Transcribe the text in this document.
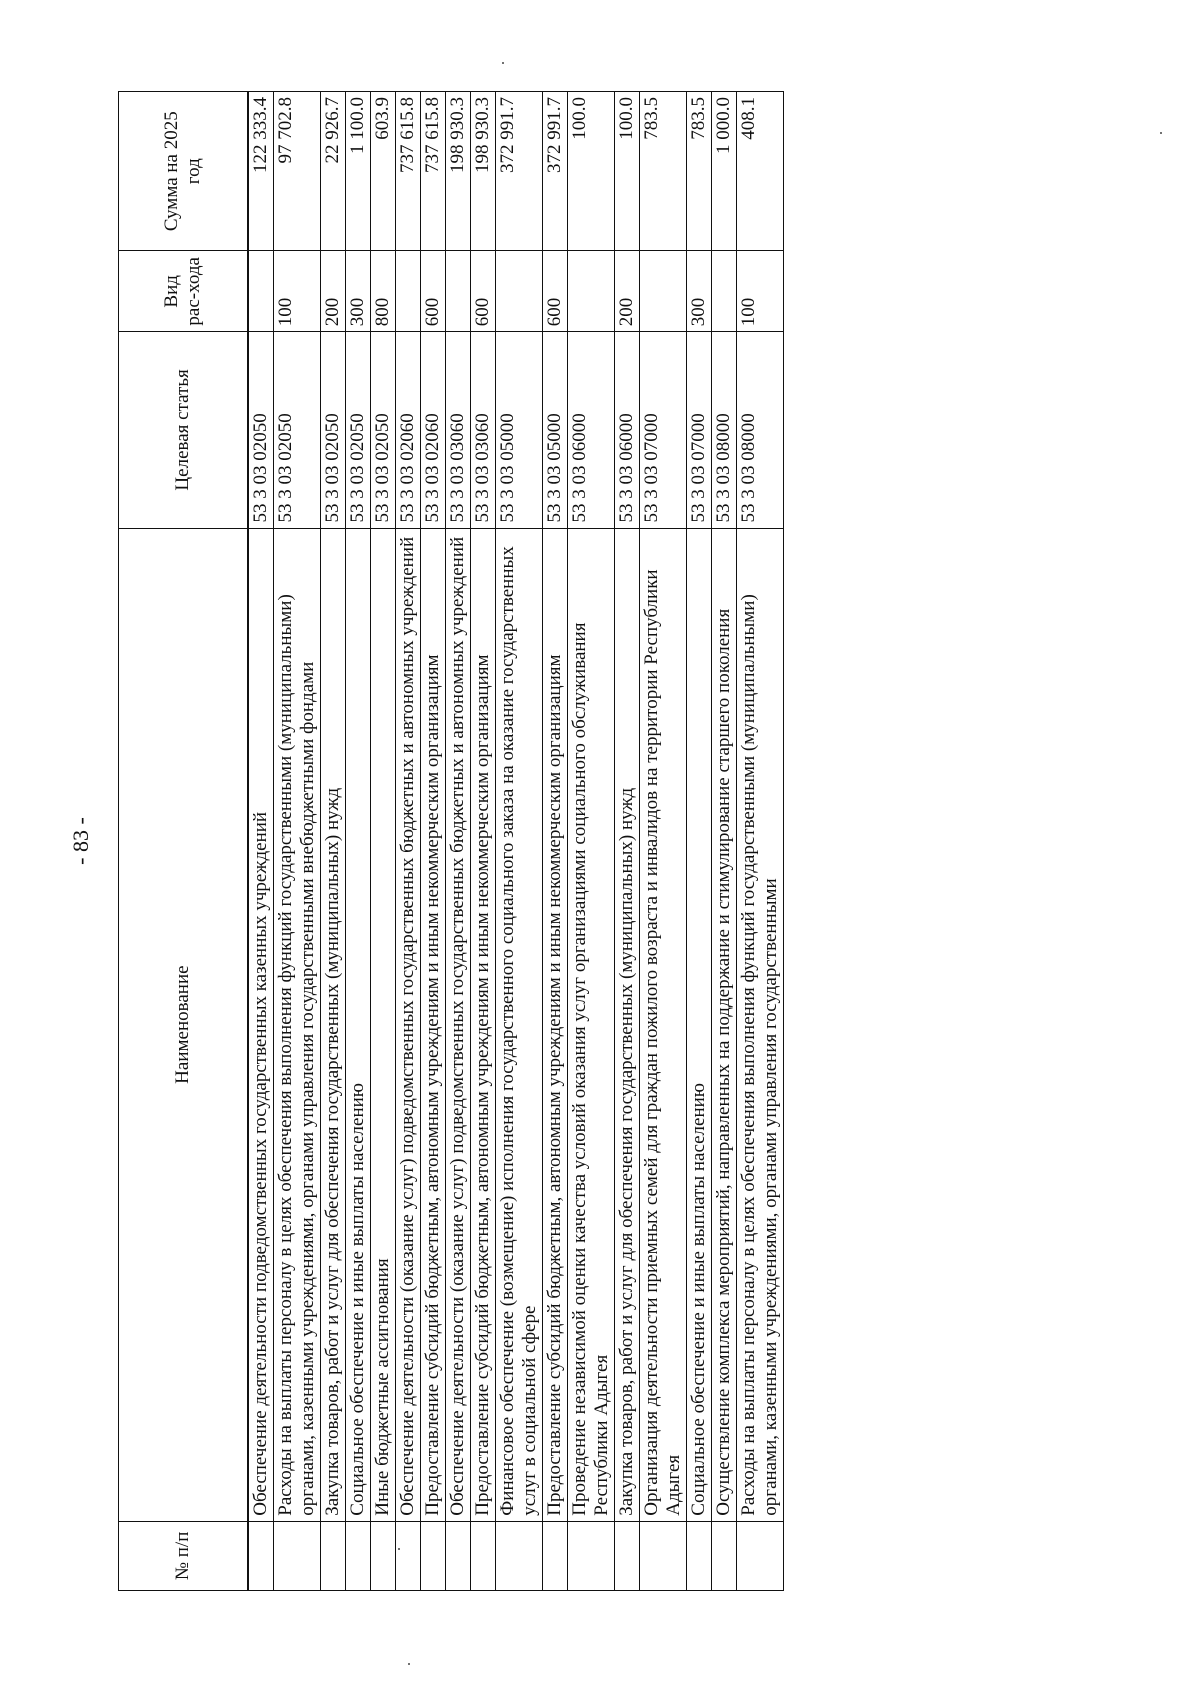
- 83 -
№ п/п	Наименование	Целевая статья	Вид рас-хода	Сумма на 2025 год
	Обеспечение деятельности подведомственных государственных казенных учреждений	53 3 03 02050		122 333.4
	Расходы на выплаты персоналу в целях обеспечения выполнения функций государственными (муниципальными) органами, казенными учреждениями, органами управления государственными внебюджетными фондами	53 3 03 02050	100	97 702.8
	Закупка товаров, работ и услуг для обеспечения государственных (муниципальных) нужд	53 3 03 02050	200	22 926.7
	Социальное обеспечение и иные выплаты населению	53 3 03 02050	300	1 100.0
	Иные бюджетные ассигнования	53 3 03 02050	800	603.9
	Обеспечение деятельности (оказание услуг) подведомственных государственных бюджетных и автономных учреждений	53 3 03 02060		737 615.8
	Предоставление субсидий бюджетным, автономным учреждениям и иным некоммерческим организациям	53 3 03 02060	600	737 615.8
	Обеспечение деятельности (оказание услуг) подведомственных государственных бюджетных и автономных учреждений	53 3 03 03060		198 930.3
	Предоставление субсидий бюджетным, автономным учреждениям и иным некоммерческим организациям	53 3 03 03060	600	198 930.3
	Финансовое обеспечение (возмещение) исполнения государственного социального заказа на оказание государственных услуг в социальной сфере	53 3 03 05000		372 991.7
	Предоставление субсидий бюджетным, автономным учреждениям и иным некоммерческим организациям	53 3 03 05000	600	372 991.7
	Проведение независимой оценки качества условий оказания услуг организациями социального обслуживания Республики Адыгея	53 3 03 06000		100.0
	Закупка товаров, работ и услуг для обеспечения государственных (муниципальных) нужд	53 3 03 06000	200	100.0
	Организация деятельности приемных семей для граждан пожилого возраста и инвалидов на территории Республики Адыгея	53 3 03 07000		783.5
	Социальное обеспечение и иные выплаты населению	53 3 03 07000	300	783.5
	Осуществление комплекса мероприятий, направленных на поддержание и стимулирование старшего поколения	53 3 03 08000		1 000.0
	Расходы на выплаты персоналу в целях обеспечения выполнения функций государственными (муниципальными) органами, казенными учреждениями, органами управления государственными	53 3 03 08000	100	408.1
